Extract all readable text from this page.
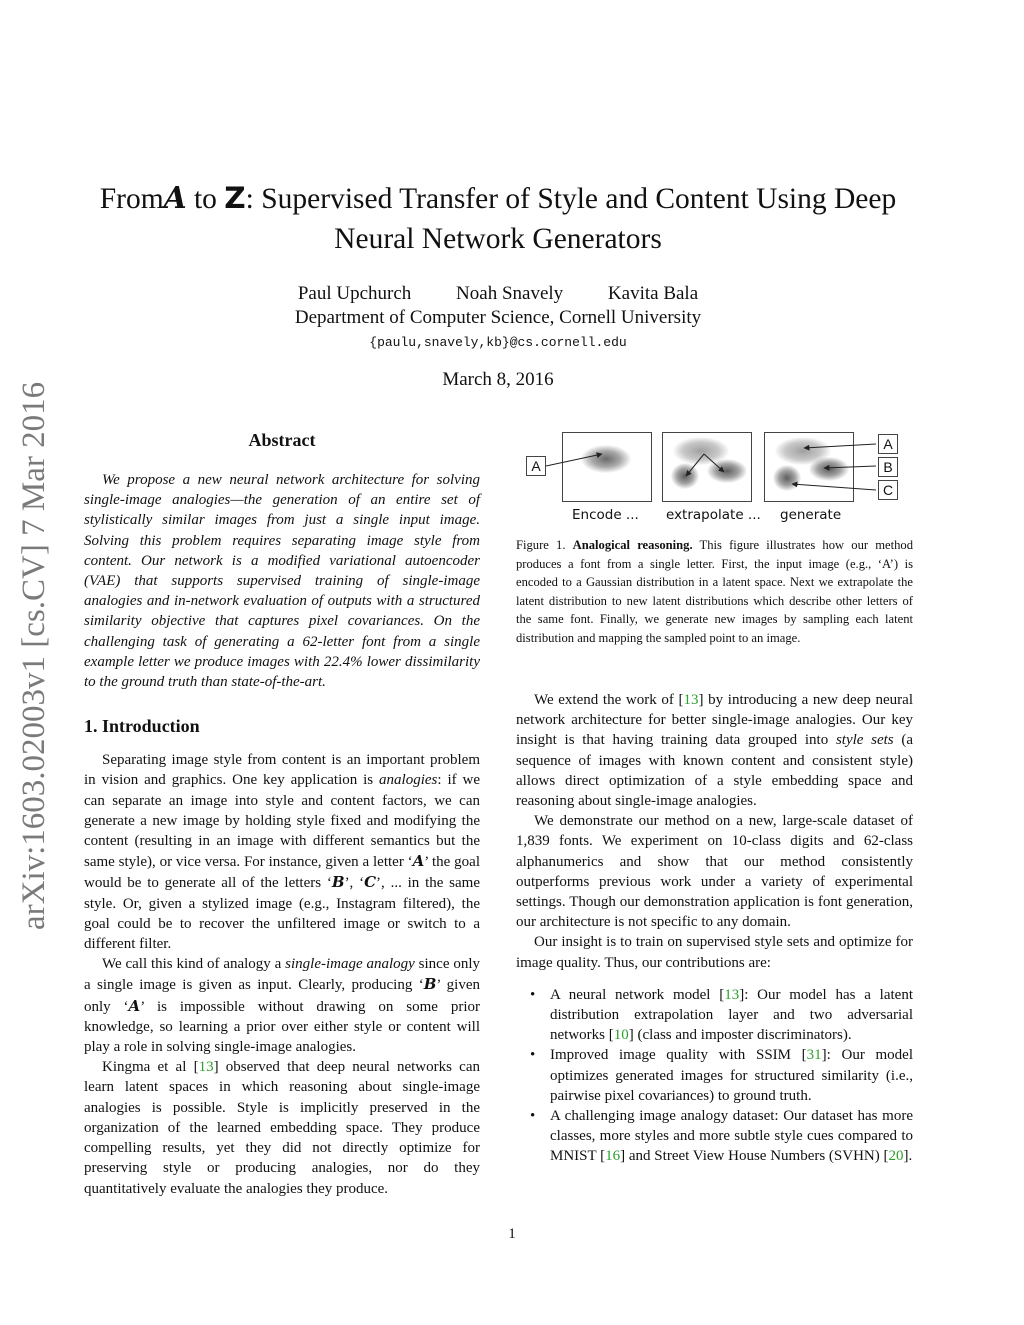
arXiv:1603.02003v1 [cs.CV] 7 Mar 2016
FromA to Z: Supervised Transfer of Style and Content Using Deep
Neural Network Generators
Paul Upchurch Noah Snavely Kavita Bala
Department of Computer Science, Cornell University
{paulu,snavely,kb}@cs.cornell.edu
March 8, 2016
Abstract

We propose a new neural network architecture for solving single-image analogies—the generation of an entire set of stylistically similar images from just a single input image. Solving this problem requires separating image style from content. Our network is a modified variational autoencoder (VAE) that supports supervised training of single-image analogies and in-network evaluation of outputs with a structured similarity objective that captures pixel covariances. On the challenging task of generating a 62-letter font from a single example letter we produce images with 22.4% lower dissimilarity to the ground truth than state-of-the-art.

1. Introduction

Separating image style from content is an important problem in vision and graphics. One key application is analogies: if we can separate an image into style and content factors, we can generate a new image by holding style fixed and modifying the content (resulting in an image with different semantics but the same style), or vice versa. For instance, given a letter ‘A’ the goal would be to generate all of the letters ‘B’, ‘C’, ... in the same style. Or, given a stylized image (e.g., Instagram filtered), the goal could be to recover the unfiltered image or switch to a different filter.

We call this kind of analogy a single-image analogy since only a single image is given as input. Clearly, producing ‘B’ given only ‘A’ is impossible without drawing on some prior knowledge, so learning a prior over either style or content will play a role in solving single-image analogies.

Kingma et al [13] observed that deep neural networks can learn latent spaces in which reasoning about single-image analogies is possible. Style is implicitly preserved in the organization of the learned embedding space. They produce compelling results, yet they did not directly optimize for preserving style or producing analogies, nor do they quantitatively evaluate the analogies they produce.

A
A
B
C
Encode ... extrapolate ... generate
Figure 1. Analogical reasoning. This figure illustrates how our method produces a font from a single letter. First, the input image (e.g., ‘A’) is encoded to a Gaussian distribution in a latent space. Next we extrapolate the latent distribution to new latent distributions which describe other letters of the same font. Finally, we generate new images by sampling each latent distribution and mapping the sampled point to an image.

We extend the work of [13] by introducing a new deep neural network architecture for better single-image analogies. Our key insight is that having training data grouped into style sets (a sequence of images with known content and consistent style) allows direct optimization of a style embedding space and reasoning about single-image analogies.

We demonstrate our method on a new, large-scale dataset of 1,839 fonts. We experiment on 10-class digits and 62-class alphanumerics and show that our method consistently outperforms previous work under a variety of experimental settings. Though our demonstration application is font generation, our architecture is not specific to any domain.

Our insight is to train on supervised style sets and optimize for image quality. Thus, our contributions are:

• A neural network model [13]: Our model has a latent distribution extrapolation layer and two adversarial networks [10] (class and imposter discriminators).
• Improved image quality with SSIM [31]: Our model optimizes generated images for structured similarity (i.e., pairwise pixel covariances) to ground truth.
• A challenging image analogy dataset: Our dataset has more classes, more styles and more subtle style cues compared to MNIST [16] and Street View House Numbers (SVHN) [20].
1
